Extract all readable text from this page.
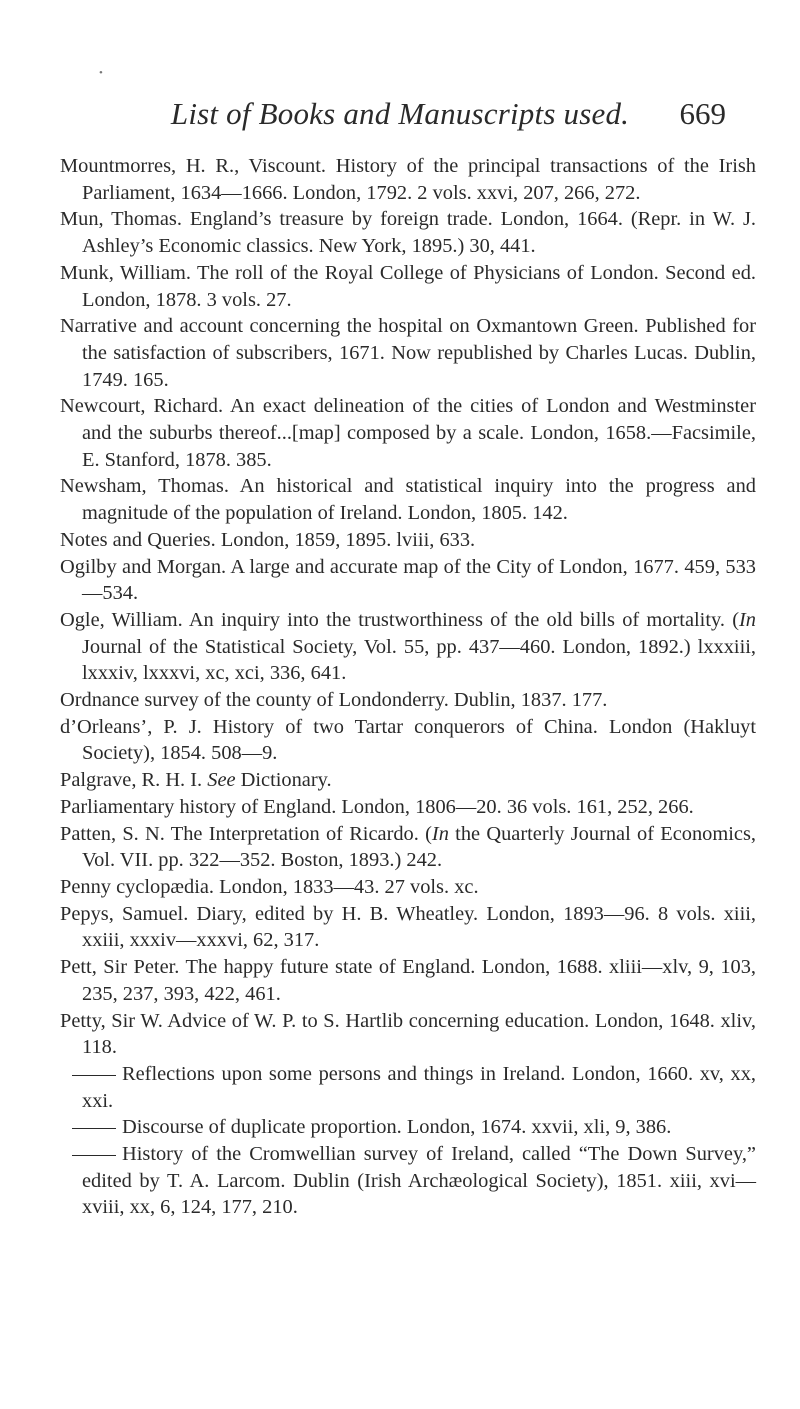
•
List of Books and Manuscripts used.	669
Mountmorres, H. R., Viscount. History of the principal transactions of the Irish Parliament, 1634—1666. London, 1792. 2 vols. xxvi, 207, 266, 272.
Mun, Thomas. England’s treasure by foreign trade. London, 1664. (Repr. in W. J. Ashley’s Economic classics. New York, 1895.) 30, 441.
Munk, William. The roll of the Royal College of Physicians of London. Second ed. London, 1878. 3 vols. 27.
Narrative and account concerning the hospital on Oxmantown Green. Published for the satisfaction of subscribers, 1671. Now republished by Charles Lucas. Dublin, 1749. 165.
Newcourt, Richard. An exact delineation of the cities of London and Westminster and the suburbs thereof...[map] composed by a scale. London, 1658.—Facsimile, E. Stanford, 1878. 385.
Newsham, Thomas. An historical and statistical inquiry into the progress and magnitude of the population of Ireland. London, 1805. 142.
Notes and Queries. London, 1859, 1895. lviii, 633.
Ogilby and Morgan. A large and accurate map of the City of London, 1677. 459, 533—534.
Ogle, William. An inquiry into the trustworthiness of the old bills of mortality. (In Journal of the Statistical Society, Vol. 55, pp. 437—460. London, 1892.) lxxxiii, lxxxiv, lxxxvi, xc, xci, 336, 641.
Ordnance survey of the county of Londonderry. Dublin, 1837. 177.
d’Orleans’, P. J. History of two Tartar conquerors of China. London (Hakluyt Society), 1854. 508—9.
Palgrave, R. H. I. See Dictionary.
Parliamentary history of England. London, 1806—20. 36 vols. 161, 252, 266.
Patten, S. N. The Interpretation of Ricardo. (In the Quarterly Journal of Economics, Vol. VII. pp. 322—352. Boston, 1893.) 242.
Penny cyclopædia. London, 1833—43. 27 vols. xc.
Pepys, Samuel. Diary, edited by H. B. Wheatley. London, 1893—96. 8 vols. xiii, xxiii, xxxiv—xxxvi, 62, 317.
Pett, Sir Peter. The happy future state of England. London, 1688. xliii—xlv, 9, 103, 235, 237, 393, 422, 461.
Petty, Sir W. Advice of W. P. to S. Hartlib concerning education. London, 1648. xliv, 118.
Reflections upon some persons and things in Ireland. London, 1660. xv, xx, xxi.
Discourse of duplicate proportion. London, 1674. xxvii, xli, 9, 386.
History of the Cromwellian survey of Ireland, called “The Down Survey,” edited by T. A. Larcom. Dublin (Irish Archæological Society), 1851. xiii, xvi—xviii, xx, 6, 124, 177, 210.
